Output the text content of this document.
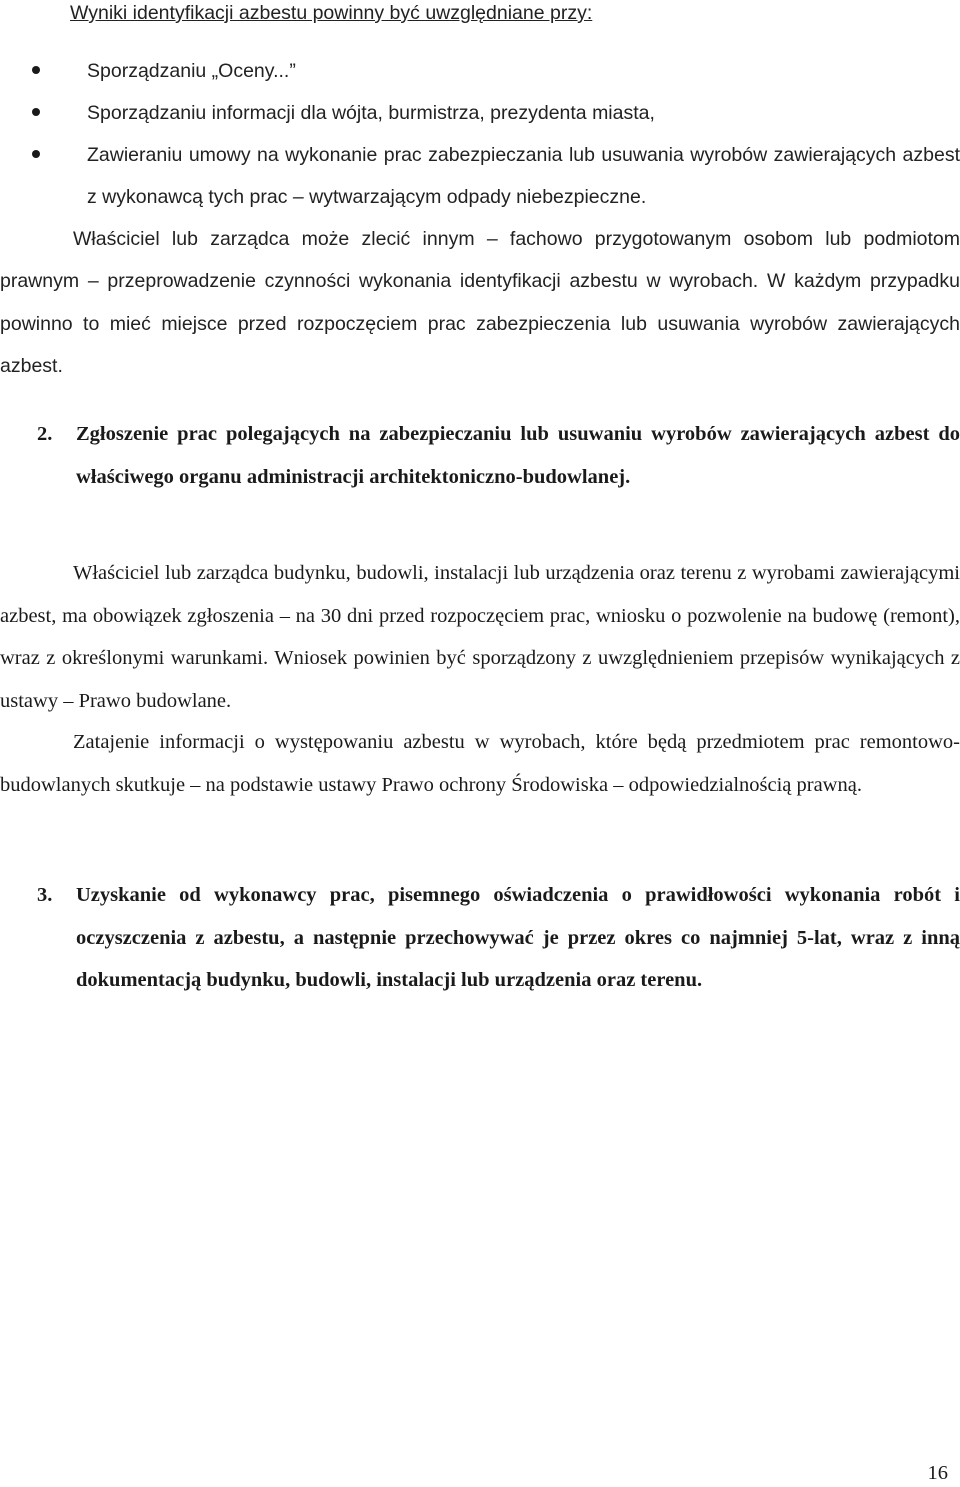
Wyniki identyfikacji azbestu powinny być uwzględniane przy:
Sporządzaniu „Oceny...”
Sporządzaniu informacji dla wójta, burmistrza, prezydenta miasta,
Zawieraniu umowy na wykonanie prac zabezpieczania lub usuwania wyrobów zawierających azbest z wykonawcą tych prac – wytwarzającym odpady niebezpieczne.

Właściciel lub zarządca może zlecić innym – fachowo przygotowanym osobom lub podmiotom prawnym – przeprowadzenie czynności wykonania identyfikacji azbestu w wyrobach. W każdym przypadku powinno to mieć miejsce przed rozpoczęciem prac zabezpieczenia lub usuwania wyrobów zawierających azbest.

2. Zgłoszenie prac polegających na zabezpieczaniu lub usuwaniu wyrobów zawierających azbest do właściwego organu administracji architektoniczno-budowlanej.

Właściciel lub zarządca budynku, budowli, instalacji lub urządzenia oraz terenu z wyrobami zawierającymi azbest, ma obowiązek zgłoszenia – na 30 dni przed rozpoczęciem prac, wniosku o pozwolenie na budowę (remont), wraz z określonymi warunkami. Wniosek powinien być sporządzony z uwzględnieniem przepisów wynikających z ustawy – Prawo budowlane.

Zatajenie informacji o występowaniu azbestu w wyrobach, które będą przedmiotem prac remontowo-budowlanych skutkuje – na podstawie ustawy Prawo ochrony Środowiska – odpowiedzialnością prawną.

3. Uzyskanie od wykonawcy prac, pisemnego oświadczenia o prawidłowości wykonania robót i oczyszczenia z azbestu, a następnie przechowywać je przez okres co najmniej 5-lat, wraz z inną dokumentacją budynku, budowli, instalacji lub urządzenia oraz terenu.
16
